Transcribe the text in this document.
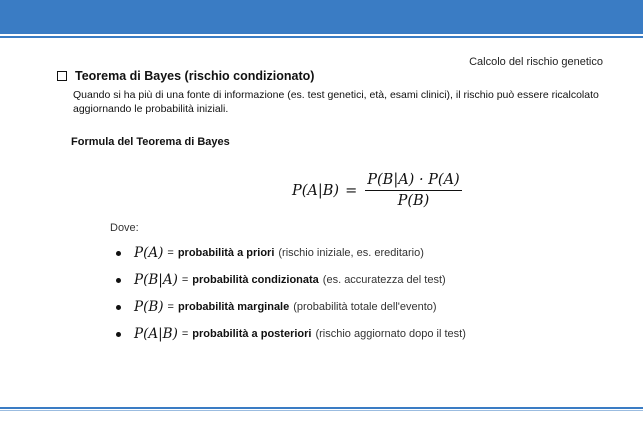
Calcolo del rischio genetico
Teorema di Bayes (rischio condizionato)
Quando si ha più di una fonte di informazione (es. test genetici, età, esami clinici), il rischio può essere ricalcolato aggiornando le probabilità iniziali.
Formula del Teorema di Bayes
$P(A|B) = \frac{P(B|A) \cdot P(A)}{P(B)}$
Dove:
P(A) = probabilità a priori (rischio iniziale, es. ereditario)
P(B|A) = probabilità condizionata (es. accuratezza del test)
P(B) = probabilità marginale (probabilità totale dell'evento)
P(A|B) = probabilità a posteriori (rischio aggiornato dopo il test)
